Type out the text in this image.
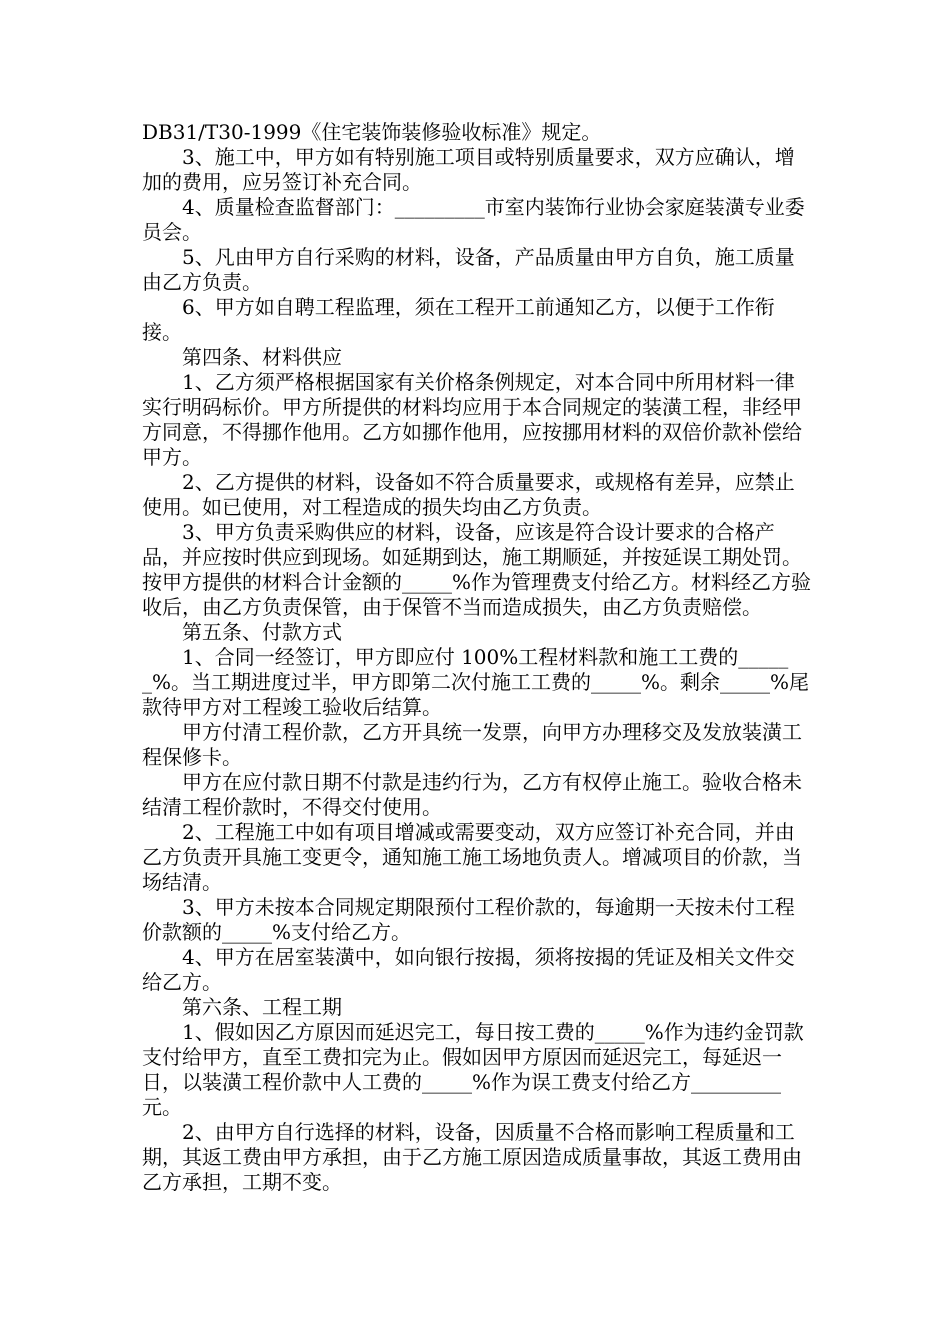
DB31/T30-1999《住宅装饰装修验收标准》规定。

3、施工中，甲方如有特别施工项目或特别质量要求，双方应确认，增加的费用，应另签订补充合同。

4、质量检查监督部门：_________市室内装饰行业协会家庭装潢专业委员会。

5、凡由甲方自行采购的材料，设备，产品质量由甲方自负，施工质量由乙方负责。

6、甲方如自聘工程监理，须在工程开工前通知乙方，以便于工作衔接。

第四条、材料供应

1、乙方须严格根据国家有关价格条例规定，对本合同中所用材料一律实行明码标价。甲方所提供的材料均应用于本合同规定的装潢工程，非经甲方同意，不得挪作他用。乙方如挪作他用，应按挪用材料的双倍价款补偿给甲方。

2、乙方提供的材料，设备如不符合质量要求，或规格有差异，应禁止使用。如已使用，对工程造成的损失均由乙方负责。

3、甲方负责采购供应的材料，设备，应该是符合设计要求的合格产品，并应按时供应到现场。如延期到达，施工期顺延，并按延误工期处罚。按甲方提供的材料合计金额的_____%作为管理费支付给乙方。材料经乙方验收后，由乙方负责保管，由于保管不当而造成损失，由乙方负责赔偿。

第五条、付款方式

1、合同一经签订，甲方即应付 100%工程材料款和施工工费的______%。当工期进度过半，甲方即第二次付施工工费的_____%。剩余_____%尾款待甲方对工程竣工验收后结算。

甲方付清工程价款，乙方开具统一发票，向甲方办理移交及发放装潢工程保修卡。

甲方在应付款日期不付款是违约行为，乙方有权停止施工。验收合格未结清工程价款时，不得交付使用。

2、工程施工中如有项目增减或需要变动，双方应签订补充合同，并由乙方负责开具施工变更令，通知施工施工场地负责人。增减项目的价款，当场结清。

3、甲方未按本合同规定期限预付工程价款的，每逾期一天按未付工程价款额的_____%支付给乙方。

4、甲方在居室装潢中，如向银行按揭，须将按揭的凭证及相关文件交给乙方。

第六条、工程工期

1、假如因乙方原因而延迟完工，每日按工费的_____%作为违约金罚款支付给甲方，直至工费扣完为止。假如因甲方原因而延迟完工，每延迟一日，以装潢工程价款中人工费的_____%作为误工费支付给乙方_________元。

2、由甲方自行选择的材料，设备，因质量不合格而影响工程质量和工期，其返工费由甲方承担，由于乙方施工原因造成质量事故，其返工费用由乙方承担，工期不变。
